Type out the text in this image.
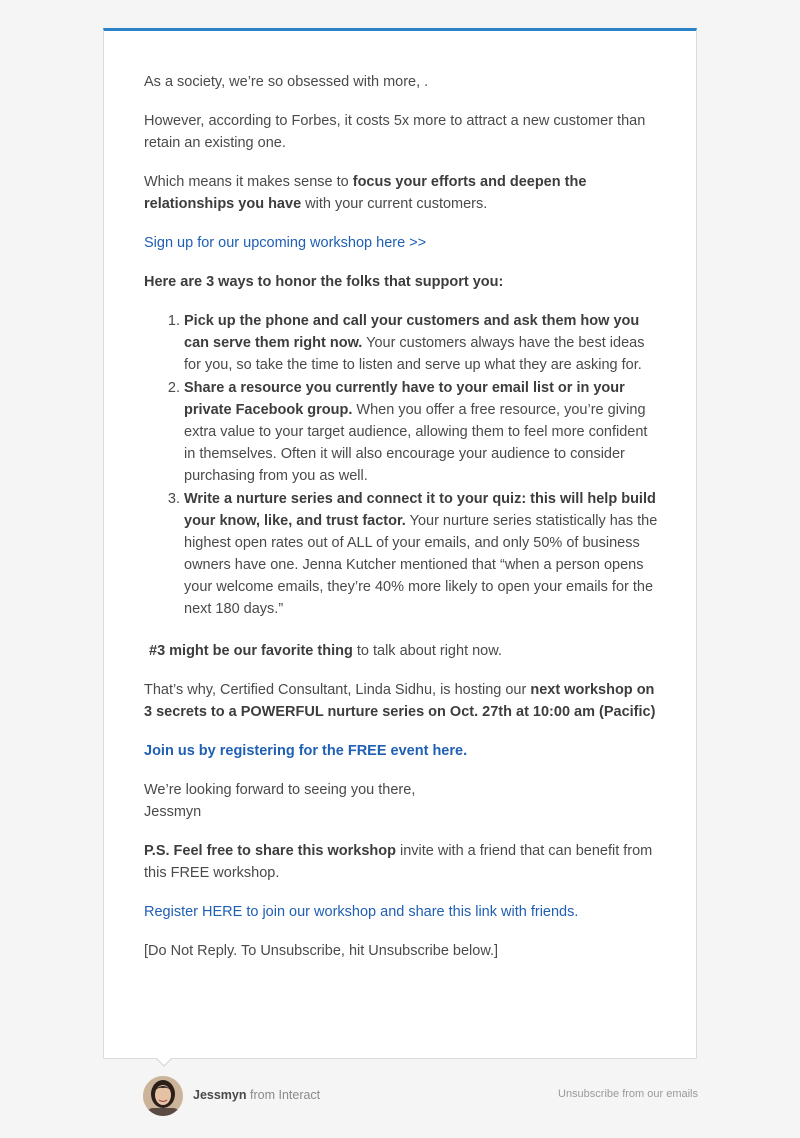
As a society, we’re so obsessed with more, .

However, according to Forbes, it costs 5x more to attract a new customer than retain an existing one.

Which means it makes sense to focus your efforts and deepen the relationships you have with your current customers.

Sign up for our upcoming workshop here >>

Here are 3 ways to honor the folks that support you:

1. Pick up the phone and call your customers and ask them how you can serve them right now. Your customers always have the best ideas for you, so take the time to listen and serve up what they are asking for.
2. Share a resource you currently have to your email list or in your private Facebook group. When you offer a free resource, you’re giving extra value to your target audience, allowing them to feel more confident in themselves. Often it will also encourage your audience to consider purchasing from you as well.
3. Write a nurture series and connect it to your quiz: this will help build your know, like, and trust factor. Your nurture series statistically has the highest open rates out of ALL of your emails, and only 50% of business owners have one. Jenna Kutcher mentioned that “when a person opens your welcome emails, they’re 40% more likely to open your emails for the next 180 days.”

#3 might be our favorite thing to talk about right now.

That’s why, Certified Consultant, Linda Sidhu, is hosting our next workshop on 3 secrets to a POWERFUL nurture series on Oct. 27th at 10:00 am (Pacific)

Join us by registering for the FREE event here.

We’re looking forward to seeing you there,
Jessmyn

P.S. Feel free to share this workshop invite with a friend that can benefit from this FREE workshop.

Register HERE to join our workshop and share this link with friends.

[Do Not Reply. To Unsubscribe, hit Unsubscribe below.]

Jessmyn from Interact	Unsubscribe from our emails
